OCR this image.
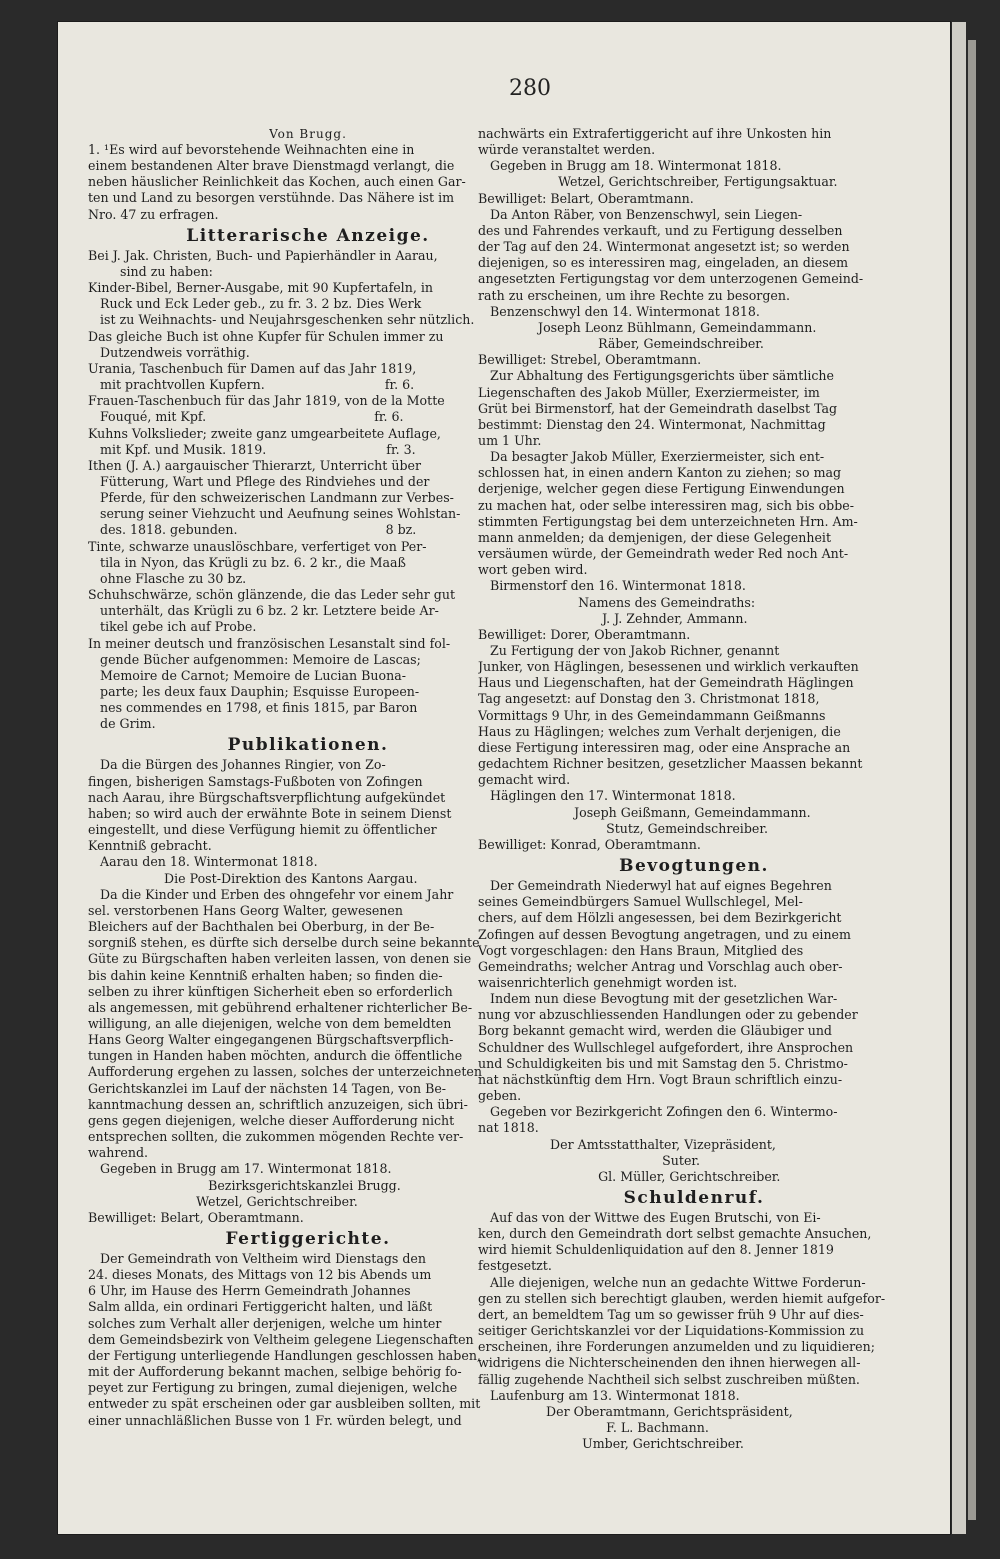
280
Von Brugg.
1. ¹Es wird auf bevorstehende Weihnachten eine in
einem bestandenen Alter brave Dienstmagd verlangt, die
neben häuslicher Reinlichkeit das Kochen, auch einen Gar-
ten und Land zu besorgen verstühnde. Das Nähere ist im
Nro. 47 zu erfragen.
Litterarische Anzeige.
Bei J. Jak. Christen, Buch- und Papierhändler in Aarau,
sind zu haben:
Kinder-Bibel, Berner-Ausgabe, mit 90 Kupfertafeln, in
Ruck und Eck Leder geb., zu fr. 3. 2 bz. Dies Werk
ist zu Weihnachts- und Neujahrsgeschenken sehr nützlich.
Das gleiche Buch ist ohne Kupfer für Schulen immer zu
Dutzendweis vorräthig.
Urania, Taschenbuch für Damen auf das Jahr 1819,
mit prachtvollen Kupfern.                              fr. 6.
Frauen-Taschenbuch für das Jahr 1819, von de la Motte
Fouqué, mit Kpf.                                          fr. 6.
Kuhns Volkslieder; zweite ganz umgearbeitete Auflage,
mit Kpf. und Musik. 1819.                              fr. 3.
Ithen (J. A.) aargauischer Thierarzt, Unterricht über
Fütterung, Wart und Pflege des Rindviehes und der
Pferde, für den schweizerischen Landmann zur Verbes-
serung seiner Viehzucht und Aeufnung seines Wohlstan-
des. 1818. gebunden.                                     8 bz.
Tinte, schwarze unauslöschbare, verfertiget von Per-
tila in Nyon, das Krügli zu bz. 6. 2 kr., die Maaß
ohne Flasche zu 30 bz.
Schuhschwärze, schön glänzende, die das Leder sehr gut
unterhält, das Krügli zu 6 bz. 2 kr. Letztere beide Ar-
tikel gebe ich auf Probe.
In meiner deutsch und französischen Lesanstalt sind fol-
gende Bücher aufgenommen: Memoire de Lascas;
Memoire de Carnot; Memoire de Lucian Buona-
parte; les deux faux Dauphin; Esquisse Europeen-
nes commendes en 1798, et finis 1815, par Baron
de Grim.
Publikationen.
Da die Bürgen des Johannes Ringier, von Zo-
fingen, bisherigen Samstags-Fußboten von Zofingen
nach Aarau, ihre Bürgschaftsverpflichtung aufgekündet
haben; so wird auch der erwähnte Bote in seinem Dienst
eingestellt, und diese Verfügung hiemit zu öffentlicher
Kenntniß gebracht.
Aarau den 18. Wintermonat 1818.
Die Post-Direktion des Kantons Aargau.
Da die Kinder und Erben des ohngefehr vor einem Jahr
sel. verstorbenen Hans Georg Walter, gewesenen
Bleichers auf der Bachthalen bei Oberburg, in der Be-
sorgniß stehen, es dürfte sich derselbe durch seine bekannte
Güte zu Bürgschaften haben verleiten lassen, von denen sie
bis dahin keine Kenntniß erhalten haben; so finden die-
selben zu ihrer künftigen Sicherheit eben so erforderlich
als angemessen, mit gebührend erhaltener richterlicher Be-
willigung, an alle diejenigen, welche von dem bemeldten
Hans Georg Walter eingegangenen Bürgschaftsverpflich-
tungen in Handen haben möchten, andurch die öffentliche
Aufforderung ergehen zu lassen, solches der unterzeichneten
Gerichtskanzlei im Lauf der nächsten 14 Tagen, von Be-
kanntmachung dessen an, schriftlich anzuzeigen, sich übri-
gens gegen diejenigen, welche dieser Aufforderung nicht
entsprechen sollten, die zukommen mögenden Rechte ver-
wahrend.
Gegeben in Brugg am 17. Wintermonat 1818.
Bezirksgerichtskanzlei Brugg.
Wetzel, Gerichtschreiber.
Bewilliget: Belart, Oberamtmann.
Fertiggerichte.
Der Gemeindrath von Veltheim wird Dienstags den
24. dieses Monats, des Mittags von 12 bis Abends um
6 Uhr, im Hause des Herrn Gemeindrath Johannes
Salm allda, ein ordinari Fertiggericht halten, und läßt
solches zum Verhalt aller derjenigen, welche um hinter
dem Gemeindsbezirk von Veltheim gelegene Liegenschaften
der Fertigung unterliegende Handlungen geschlossen haben,
mit der Aufforderung bekannt machen, selbige behörig fo-
peyet zur Fertigung zu bringen, zumal diejenigen, welche
entweder zu spät erscheinen oder gar ausbleiben sollten, mit
einer unnachläßlichen Busse von 1 Fr. würden belegt, und
nachwärts ein Extrafertiggericht auf ihre Unkosten hin
würde veranstaltet werden.
Gegeben in Brugg am 18. Wintermonat 1818.
Wetzel, Gerichtschreiber, Fertigungsaktuar.
Bewilliget: Belart, Oberamtmann.
Da Anton Räber, von Benzenschwyl, sein Liegen-
des und Fahrendes verkauft, und zu Fertigung desselben
der Tag auf den 24. Wintermonat angesetzt ist; so werden
diejenigen, so es interessiren mag, eingeladen, an diesem
angesetzten Fertigungstag vor dem unterzogenen Gemeind-
rath zu erscheinen, um ihre Rechte zu besorgen.
Benzenschwyl den 14. Wintermonat 1818.
Joseph Leonz Bühlmann, Gemeindammann.
Räber, Gemeindschreiber.
Bewilliget: Strebel, Oberamtmann.
Zur Abhaltung des Fertigungsgerichts über sämtliche
Liegenschaften des Jakob Müller, Exerziermeister, im
Grüt bei Birmenstorf, hat der Gemeindrath daselbst Tag
bestimmt: Dienstag den 24. Wintermonat, Nachmittag
um 1 Uhr.
Da besagter Jakob Müller, Exerziermeister, sich ent-
schlossen hat, in einen andern Kanton zu ziehen; so mag
derjenige, welcher gegen diese Fertigung Einwendungen
zu machen hat, oder selbe interessiren mag, sich bis obbe-
stimmten Fertigungstag bei dem unterzeichneten Hrn. Am-
mann anmelden; da demjenigen, der diese Gelegenheit
versäumen würde, der Gemeindrath weder Red noch Ant-
wort geben wird.
Birmenstorf den 16. Wintermonat 1818.
Namens des Gemeindraths:
J. J. Zehnder, Ammann.
Bewilliget: Dorer, Oberamtmann.
Zu Fertigung der von Jakob Richner, genannt
Junker, von Häglingen, besessenen und wirklich verkauften
Haus und Liegenschaften, hat der Gemeindrath Häglingen
Tag angesetzt: auf Donstag den 3. Christmonat 1818,
Vormittags 9 Uhr, in des Gemeindammann Geißmanns
Haus zu Häglingen; welches zum Verhalt derjenigen, die
diese Fertigung interessiren mag, oder eine Ansprache an
gedachtem Richner besitzen, gesetzlicher Maassen bekannt
gemacht wird.
Häglingen den 17. Wintermonat 1818.
Joseph Geißmann, Gemeindammann.
Stutz, Gemeindschreiber.
Bewilliget: Konrad, Oberamtmann.
Bevogtungen.
Der Gemeindrath Niederwyl hat auf eignes Begehren
seines Gemeindbürgers Samuel Wullschlegel, Mel-
chers, auf dem Hölzli angesessen, bei dem Bezirkgericht
Zofingen auf dessen Bevogtung angetragen, und zu einem
Vogt vorgeschlagen: den Hans Braun, Mitglied des
Gemeindraths; welcher Antrag und Vorschlag auch ober-
waisenrichterlich genehmigt worden ist.
Indem nun diese Bevogtung mit der gesetzlichen War-
nung vor abzuschliessenden Handlungen oder zu gebender
Borg bekannt gemacht wird, werden die Gläubiger und
Schuldner des Wullschlegel aufgefordert, ihre Ansprochen
und Schuldigkeiten bis und mit Samstag den 5. Christmo-
nat nächstkünftig dem Hrn. Vogt Braun schriftlich einzu-
geben.
Gegeben vor Bezirkgericht Zofingen den 6. Wintermo-
nat 1818.
Der Amtsstatthalter, Vizepräsident,
Suter.
Gl. Müller, Gerichtschreiber.
Schuldenruf.
Auf das von der Wittwe des Eugen Brutschi, von Ei-
ken, durch den Gemeindrath dort selbst gemachte Ansuchen,
wird hiemit Schuldenliquidation auf den 8. Jenner 1819
festgesetzt.
Alle diejenigen, welche nun an gedachte Wittwe Forderun-
gen zu stellen sich berechtigt glauben, werden hiemit aufgefor-
dert, an bemeldtem Tag um so gewisser früh 9 Uhr auf dies-
seitiger Gerichtskanzlei vor der Liquidations-Kommission zu
erscheinen, ihre Forderungen anzumelden und zu liquidieren;
widrigens die Nichterscheinenden den ihnen hierwegen all-
fällig zugehende Nachtheil sich selbst zuschreiben müßten.
Laufenburg am 13. Wintermonat 1818.
Der Oberamtmann, Gerichtspräsident,
F. L. Bachmann.
Umber, Gerichtschreiber.
